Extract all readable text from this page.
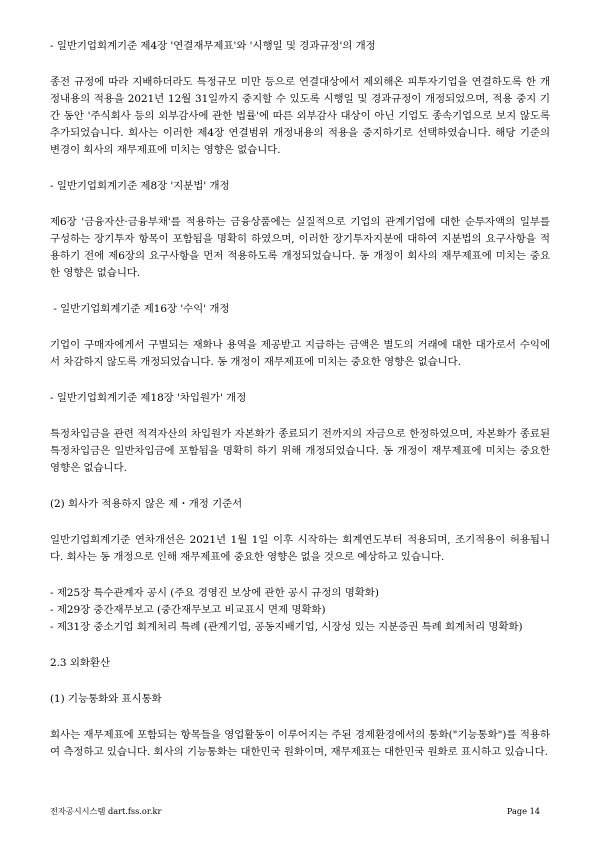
- 일반기업회계기준 제4장 '연결재무제표'와 '시행일 및 경과규정'의 개정

종전 규정에 따라 지배하더라도 특정규모 미만 등으로 연결대상에서 제외해온 피투자기업을 연결하도록 한 개정내용의 적용을 2021년 12월 31일까지 중지할 수 있도록 시행일 및 경과규정이 개정되었으며, 적용 중지 기간 동안 '주식회사 등의 외부감사에 관한 법률'에 따른 외부감사 대상이 아닌 기업도 종속기업으로 보지 않도록 추가되었습니다. 회사는 이러한 제4장 연결범위 개정내용의 적용을 중지하기로 선택하였습니다. 해당 기준의 변경이 회사의 재무제표에 미치는 영향은 없습니다.

- 일반기업회계기준 제8장 '지분법' 개정

제6장 '금융자산·금융부채'를 적용하는 금융상품에는 실질적으로 기업의 관계기업에 대한 순투자액의 일부를 구성하는 장기투자 항목이 포함됨을 명확히 하였으며, 이러한 장기투자지분에 대하여 지분법의 요구사항을 적용하기 전에 제6장의 요구사항을 먼저 적용하도록 개정되었습니다. 동 개정이 회사의 재무제표에 미치는 중요한 영향은 없습니다.

- 일반기업회계기준 제16장 '수익' 개정

기업이 구매자에게서 구별되는 재화나 용역을 제공받고 지급하는 금액은 별도의 거래에 대한 대가로서 수익에서 차감하지 않도록 개정되었습니다. 동 개정이 재무제표에 미치는 중요한 영향은 없습니다.

- 일반기업회계기준 제18장 '차입원가' 개정

특정차입금을 관련 적격자산의 차입원가 자본화가 종료되기 전까지의 자금으로 한정하였으며, 자본화가 종료된 특정차입금은 일반차입금에 포함됨을 명확히 하기 위해 개정되었습니다. 동 개정이 재무제표에 미치는 중요한 영향은 없습니다.

(2) 회사가 적용하지 않은 제・개정 기준서

일반기업회계기준 연차개선은 2021년 1월 1일 이후 시작하는 회계연도부터 적용되며, 조기적용이 허용됩니다. 회사는 동 개정으로 인해 재무제표에 중요한 영향은 없을 것으로 예상하고 있습니다.

- 제25장 특수관계자 공시 (주요 경영진 보상에 관한 공시 규정의 명확화)
- 제29장 중간재무보고 (중간재무보고 비교표시 면제 명확화)
- 제31장 중소기업 회계처리 특례 (관계기업, 공동지배기업, 시장성 있는 지분증권 특례 회계처리 명확화)
2.3 외화환산
(1) 기능통화와 표시통화

회사는 재무제표에 포함되는 항목들을 영업활동이 이루어지는 주된 경제환경에서의 통화("기능통화")를 적용하여 측정하고 있습니다. 회사의 기능통화는 대한민국 원화이며, 재무제표는 대한민국 원화로 표시하고 있습니다.

전자공시시스템 dart.fss.or.kr	Page 14
